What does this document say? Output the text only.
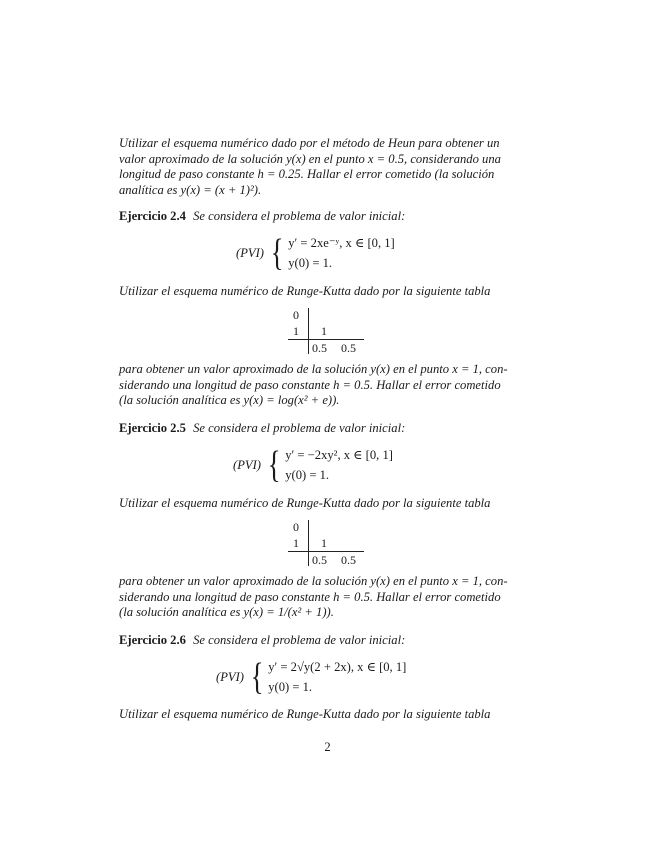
Utilizar el esquema numérico dado por el método de Heun para obtener un
valor aproximado de la solución y(x) en el punto x = 0.5, considerando una
longitud de paso constante h = 0.25. Hallar el error cometido (la solución
analítica es y(x) = (x + 1)²).
Ejercicio 2.4 Se considera el problema de valor inicial:
(PVI) { y′ = 2xe⁻ʸ, x ∈ [0, 1]
y(0) = 1.
Utilizar el esquema numérico de Runge-Kutta dado por la siguiente tabla
0
1 1
0.5 0.5
para obtener un valor aproximado de la solución y(x) en el punto x = 1, con-
siderando una longitud de paso constante h = 0.5. Hallar el error cometido
(la solución analítica es y(x) = log(x² + e)).
Ejercicio 2.5 Se considera el problema de valor inicial:
(PVI) { y′ = −2xy², x ∈ [0, 1]
y(0) = 1.
Utilizar el esquema numérico de Runge-Kutta dado por la siguiente tabla
0
1 1
0.5 0.5
para obtener un valor aproximado de la solución y(x) en el punto x = 1, con-
siderando una longitud de paso constante h = 0.5. Hallar el error cometido
(la solución analítica es y(x) = 1/(x² + 1)).
Ejercicio 2.6 Se considera el problema de valor inicial:
(PVI) { y′ = 2√y(2 + 2x), x ∈ [0, 1]
y(0) = 1.
Utilizar el esquema numérico de Runge-Kutta dado por la siguiente tabla
2
